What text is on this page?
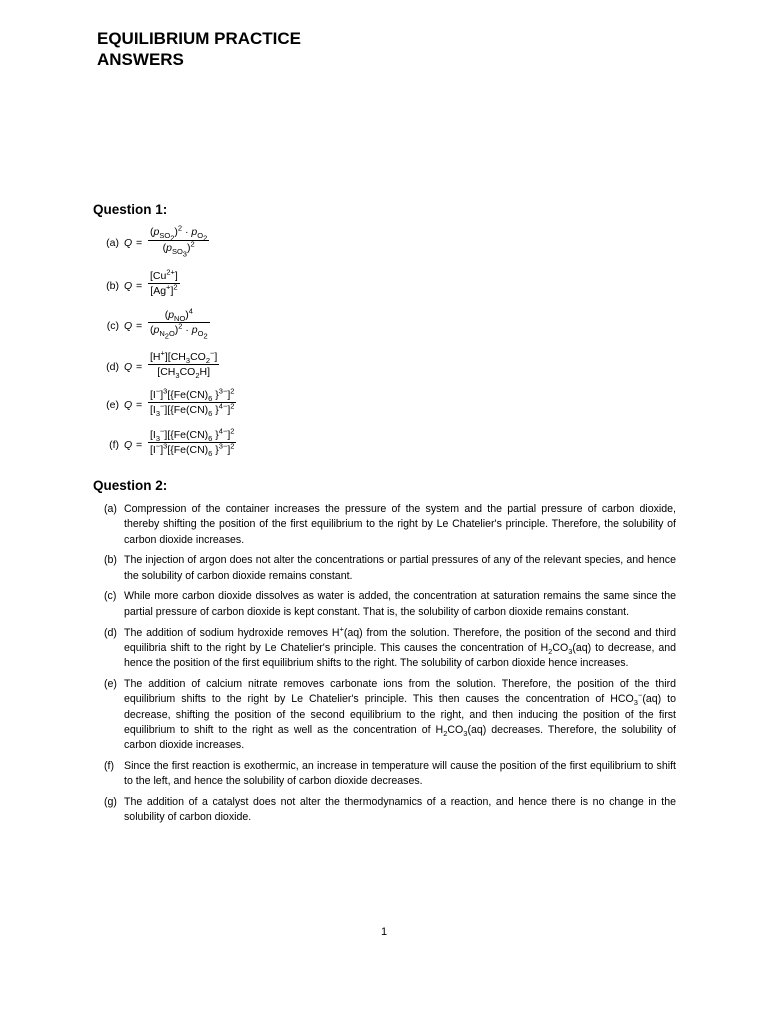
EQUILIBRIUM PRACTICE
ANSWERS
Question 1:
(a) Q =
$(p_{SO_2})^2 \cdot p_{O_2}$
$(p_{SO_3})^2$
(b) Q =
$[Cu^{2+}]$
$[Ag^+]^2$
(c) Q =
$(p_{NO})^4$
$(p_{N_2O})^2 \cdot p_{O_2}$
(d) Q =
$[H^+][CH_3CO_2^-]$
$[CH_3CO_2H]$
(e) Q =
$[I^-]^3[\{Fe(CN)_6$ }$^{3-}$]$^2$
$[I_3^-][\{Fe(CN)_6$ }$^{4-}$]$^2$
(f) Q =
$[I_3^-][\{Fe(CN)_6$ }$^{4-}$]$^2$
$[I^-]^3[\{Fe(CN)_6$ }$^{3-}$]$^2$
Question 2:
(a) Compression of the container increases the pressure of the system and the partial pressure of carbon dioxide, thereby shifting the position of the first equilibrium to the right by Le Chatelier's principle. Therefore, the solubility of carbon dioxide increases.
(b) The injection of argon does not alter the concentrations or partial pressures of any of the relevant species, and hence the solubility of carbon dioxide remains constant.
(c) While more carbon dioxide dissolves as water is added, the concentration at saturation remains the same since the partial pressure of carbon dioxide is kept constant. That is, the solubility of carbon dioxide remains constant.
(d) The addition of sodium hydroxide removes H+(aq) from the solution. Therefore, the position of the second and third equilibria shift to the right by Le Chatelier's principle. This causes the concentration of $H_2CO_3(aq)$ to decrease, and hence the position of the first equilibrium shifts to the right. The solubility of carbon dioxide hence increases.
(e) The addition of calcium nitrate removes carbonate ions from the solution. Therefore, the position of the third equilibrium shifts to the right by Le Chatelier's principle. This then causes the concentration of $HCO_3^-(aq)$ to decrease, shifting the position of the second equilibrium to the right, and then inducing the position of the first equilibrium to shift to the right as well as the concentration of $H_2CO_3(aq)$ decreases. Therefore, the solubility of carbon dioxide increases.
(f) Since the first reaction is exothermic, an increase in temperature will cause the position of the first equilibrium to shift to the left, and hence the solubility of carbon dioxide decreases.
(g) The addition of a catalyst does not alter the thermodynamics of a reaction, and hence there is no change in the solubility of carbon dioxide.
1
